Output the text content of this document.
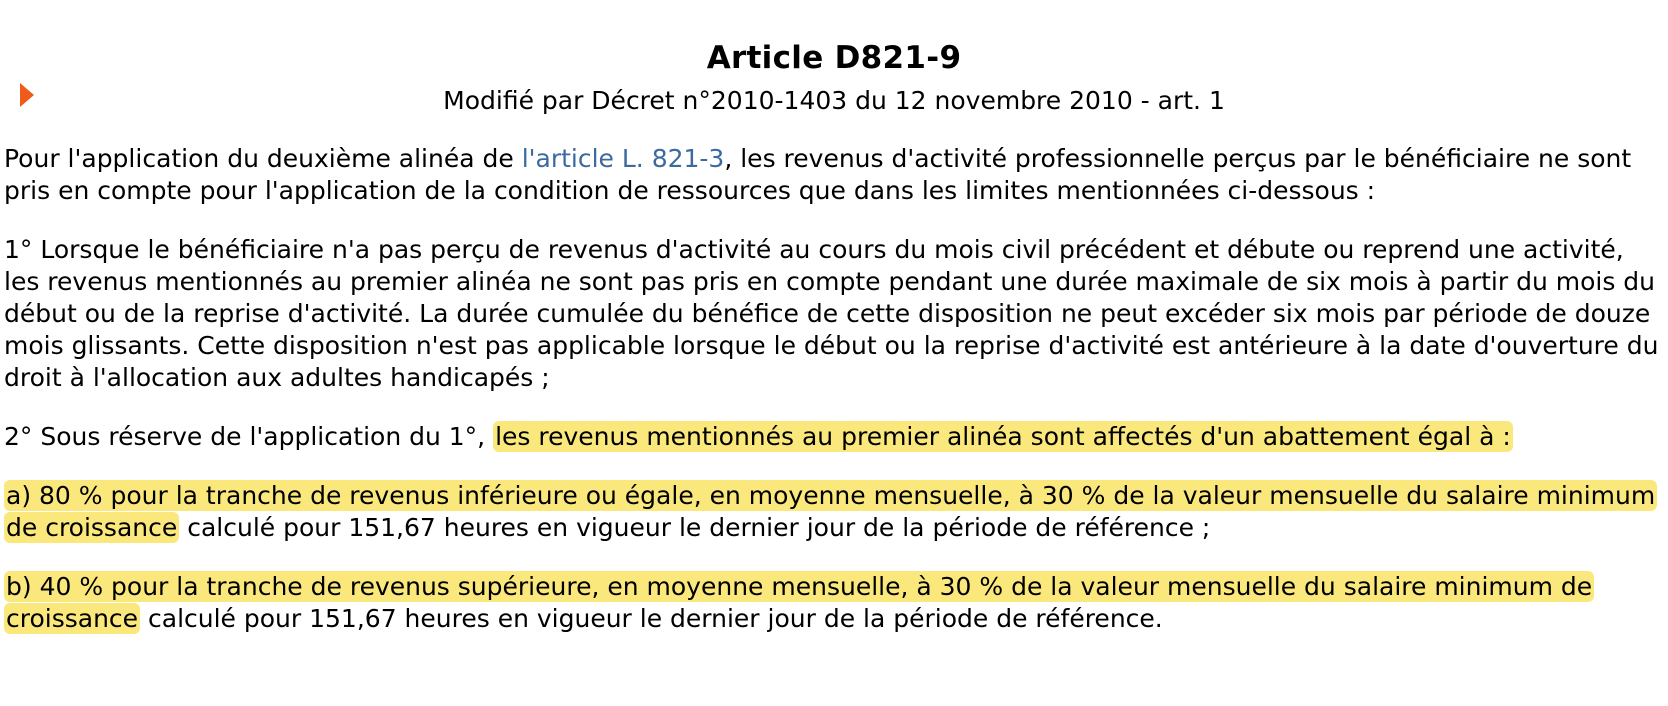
Article D821-9
Modifié par Décret n°2010-1403 du 12 novembre 2010 - art. 1

Pour l'application du deuxième alinéa de l'article L. 821-3, les revenus d'activité professionnelle perçus par le bénéficiaire ne sont pris en compte pour l'application de la condition de ressources que dans les limites mentionnées ci-dessous :

1° Lorsque le bénéficiaire n'a pas perçu de revenus d'activité au cours du mois civil précédent et débute ou reprend une activité, les revenus mentionnés au premier alinéa ne sont pas pris en compte pendant une durée maximale de six mois à partir du mois du début ou de la reprise d'activité. La durée cumulée du bénéfice de cette disposition ne peut excéder six mois par période de douze mois glissants. Cette disposition n'est pas applicable lorsque le début ou la reprise d'activité est antérieure à la date d'ouverture du droit à l'allocation aux adultes handicapés ;

2° Sous réserve de l'application du 1°, les revenus mentionnés au premier alinéa sont affectés d'un abattement égal à :

a) 80 % pour la tranche de revenus inférieure ou égale, en moyenne mensuelle, à 30 % de la valeur mensuelle du salaire minimum de croissance calculé pour 151,67 heures en vigueur le dernier jour de la période de référence ;

b) 40 % pour la tranche de revenus supérieure, en moyenne mensuelle, à 30 % de la valeur mensuelle du salaire minimum de croissance calculé pour 151,67 heures en vigueur le dernier jour de la période de référence.
